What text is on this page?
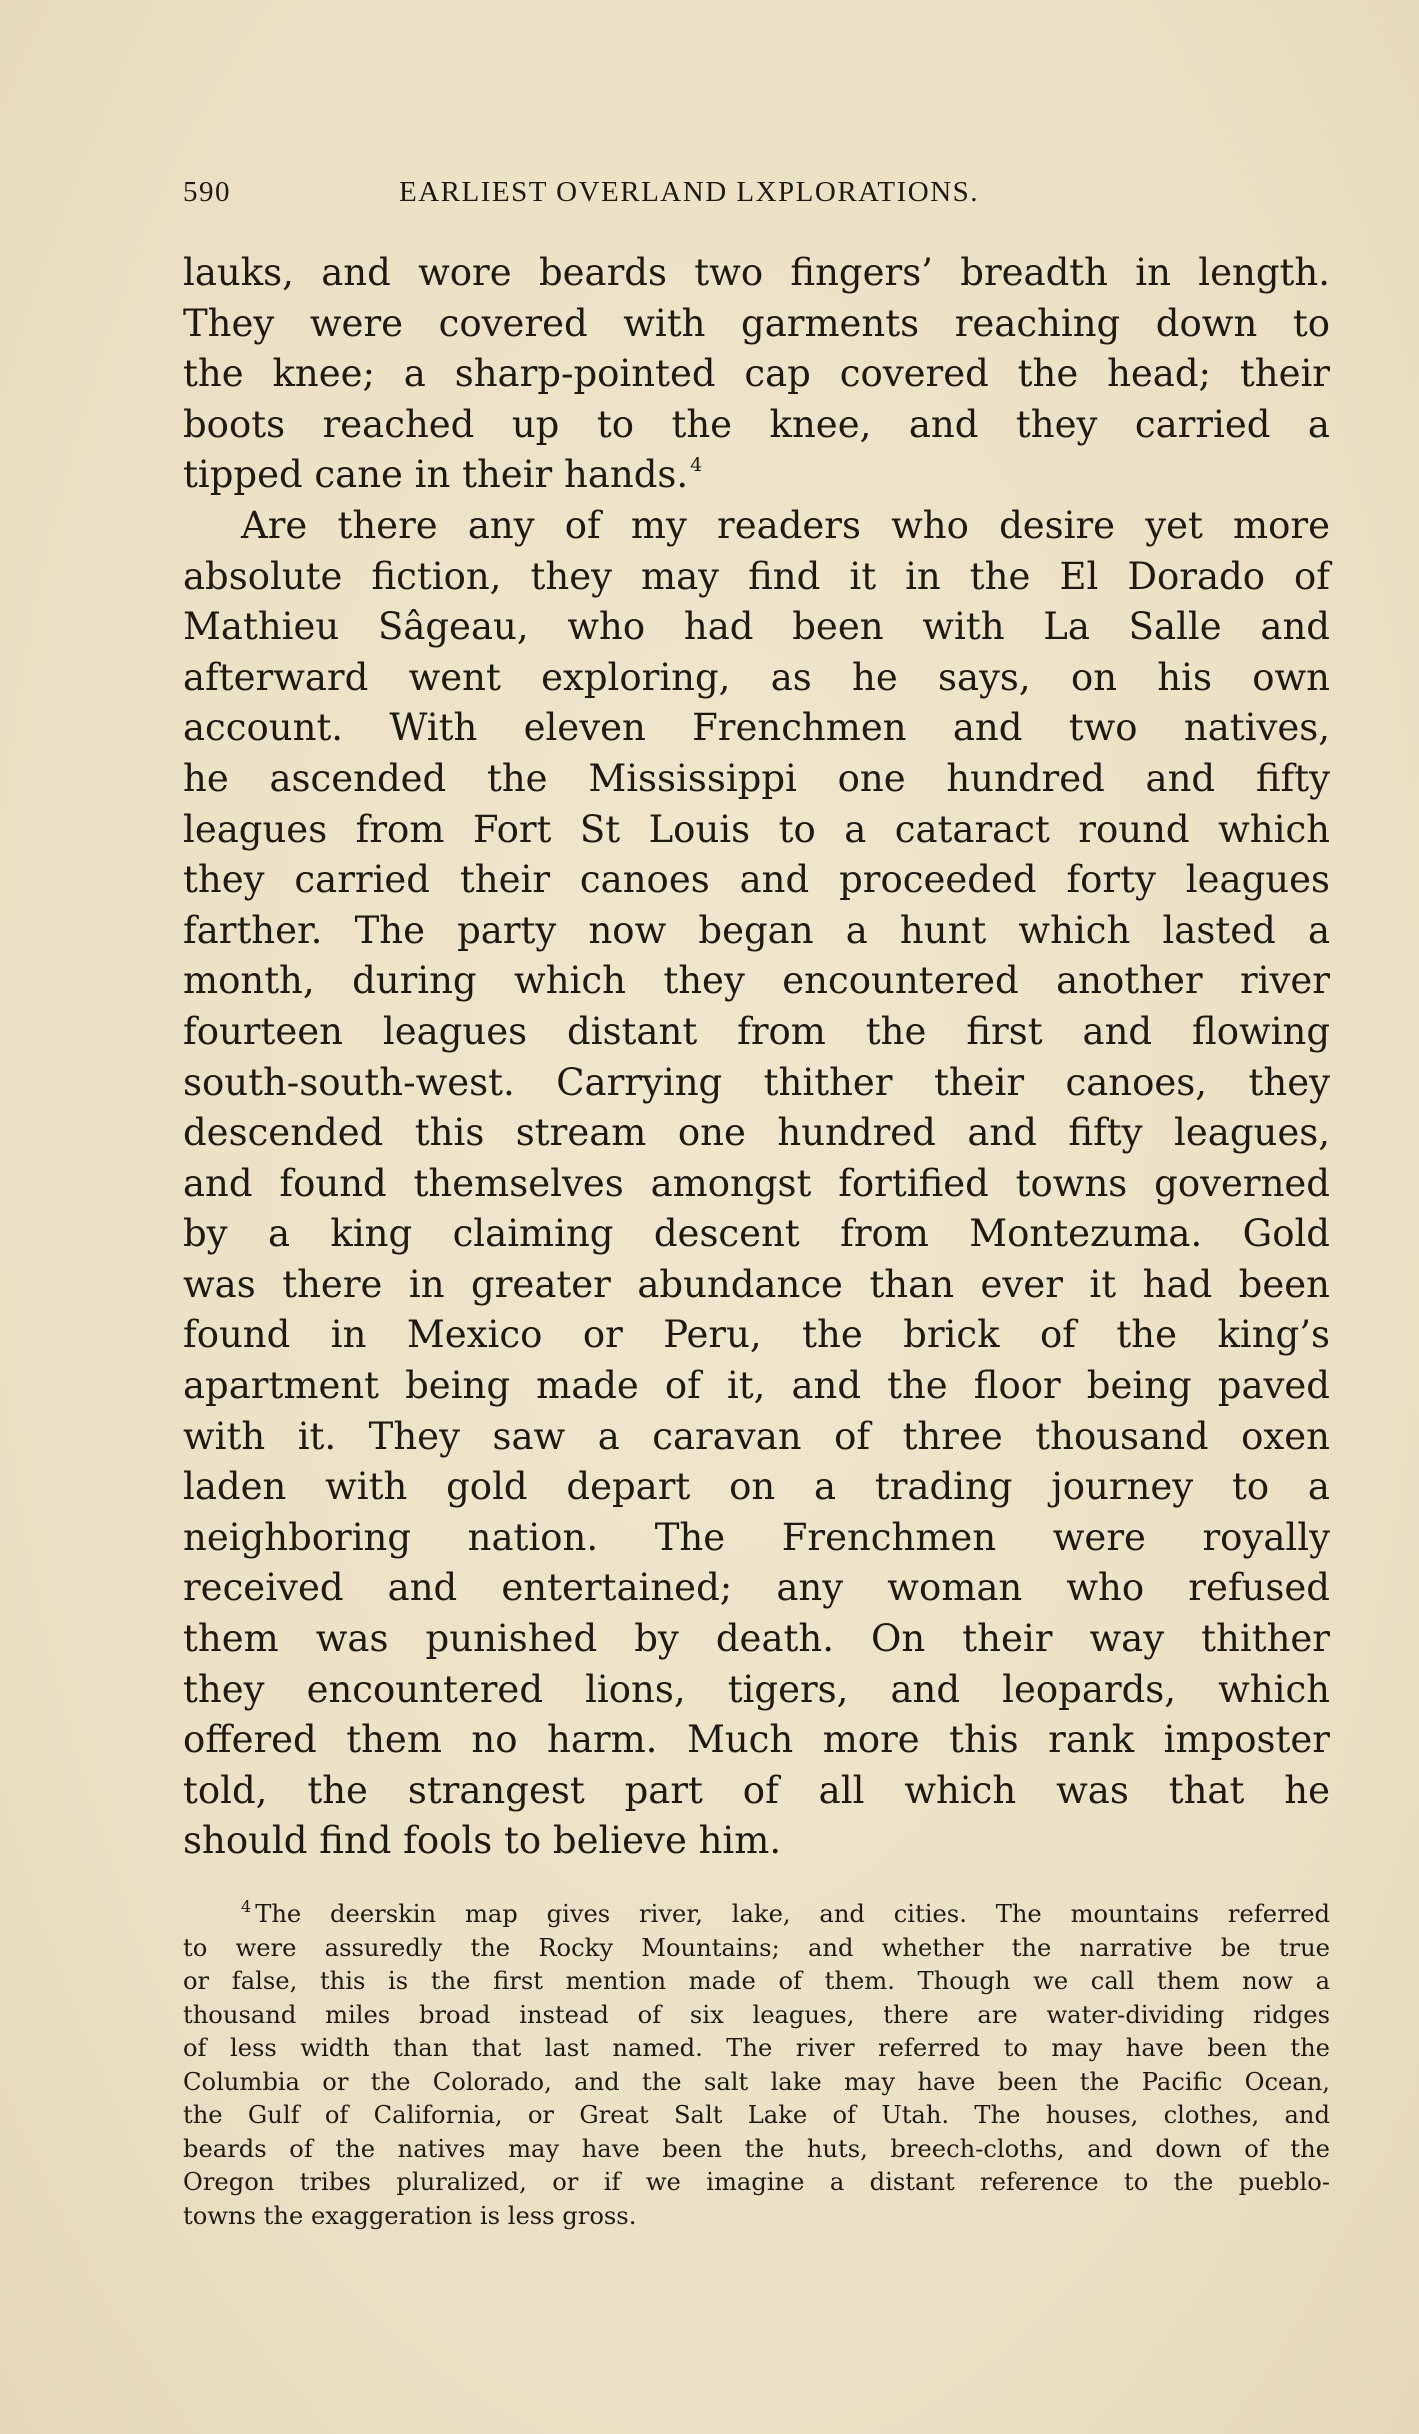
590	EARLIEST OVERLAND LXPLORATIONS.
lauks, and wore beards two fingers’ breadth in length.
They were covered with garments reaching down to
the knee; a sharp-pointed cap covered the head; their
boots reached up to the knee, and they carried a
tipped cane in their hands. $^4$
Are there any of my readers who desire yet more
absolute fiction, they may find it in the El Dorado of
Mathieu Sâgeau, who had been with La Salle and
afterward went exploring, as he says, on his own
account. With eleven Frenchmen and two natives,
he ascended the Mississippi one hundred and fifty
leagues from Fort St Louis to a cataract round which
they carried their canoes and proceeded forty leagues
farther. The party now began a hunt which lasted a
month, during which they encountered another river
fourteen leagues distant from the first and flowing
south-south-west. Carrying thither their canoes, they
descended this stream one hundred and fifty leagues,
and found themselves amongst fortified towns governed
by a king claiming descent from Montezuma. Gold
was there in greater abundance than ever it had been
found in Mexico or Peru, the brick of the king’s
apartment being made of it, and the floor being paved
with it. They saw a caravan of three thousand oxen
laden with gold depart on a trading journey to a
neighboring nation. The Frenchmen were royally
received and entertained; any woman who refused
them was punished by death. On their way thither
they encountered lions, tigers, and leopards, which
offered them no harm. Much more this rank imposter
told, the strangest part of all which was that he
should find fools to believe him.
$^4$ The deerskin map gives river, lake, and cities. The mountains referred
to were assuredly the Rocky Mountains; and whether the narrative be true
or false, this is the first mention made of them. Though we call them now a
thousand miles broad instead of six leagues, there are water-dividing ridges
of less width than that last named. The river referred to may have been the
Columbia or the Colorado, and the salt lake may have been the Pacific Ocean,
the Gulf of California, or Great Salt Lake of Utah. The houses, clothes, and
beards of the natives may have been the huts, breech-cloths, and down of the
Oregon tribes pluralized, or if we imagine a distant reference to the pueblo-
towns the exaggeration is less gross.
